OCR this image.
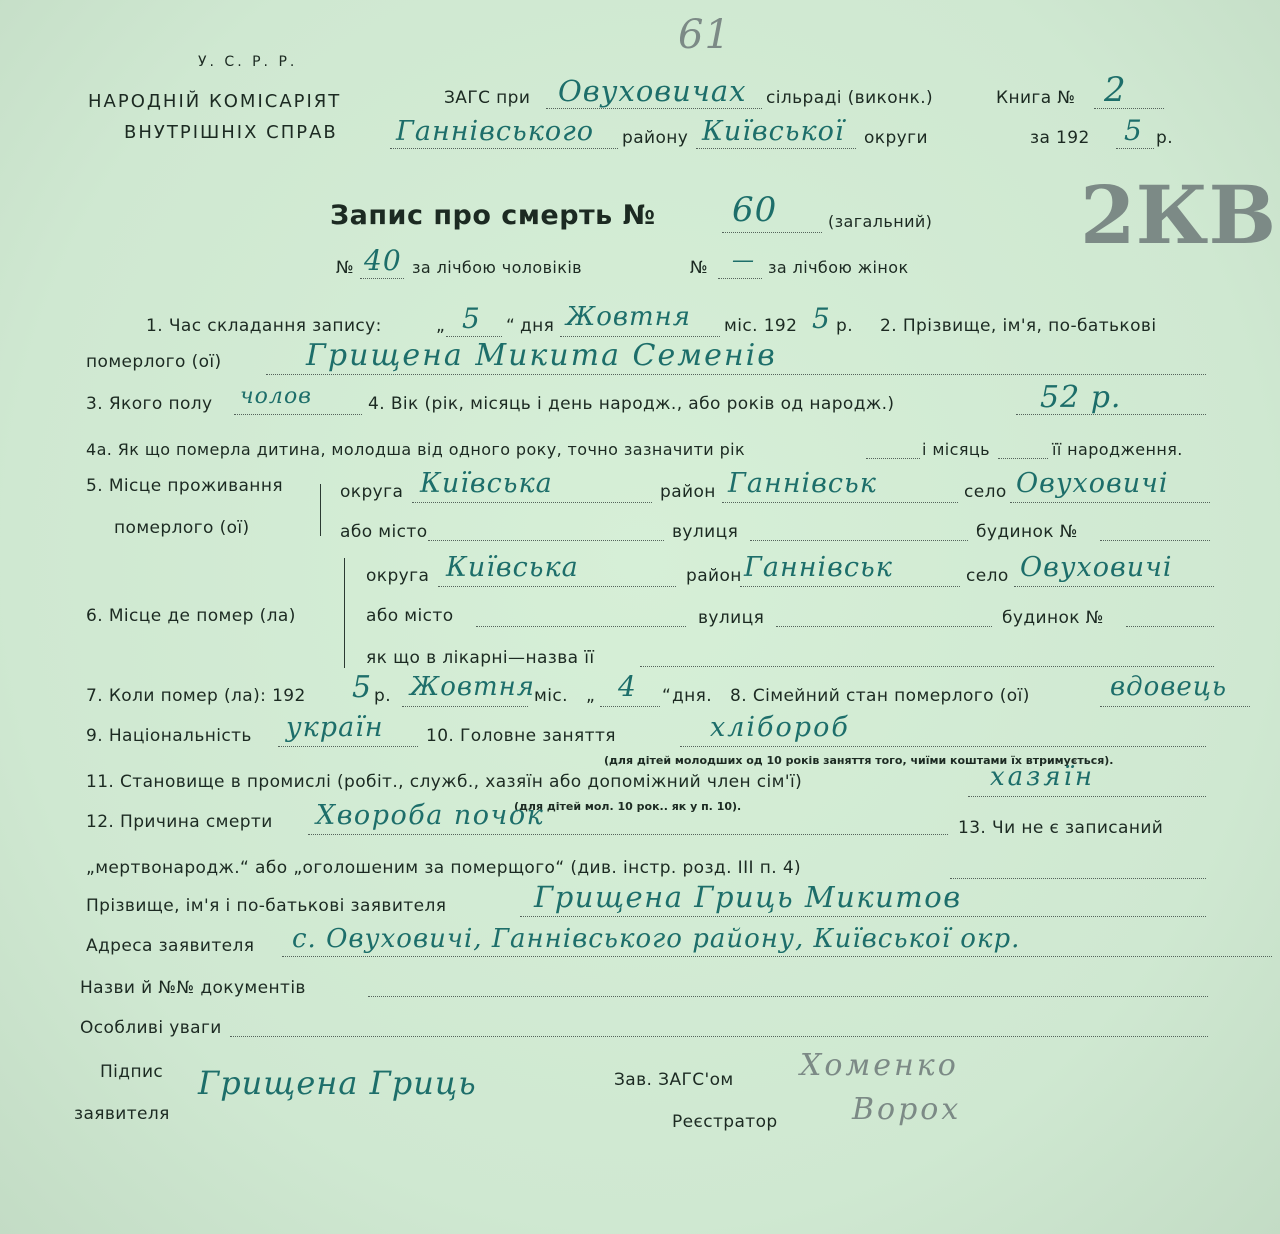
У. С. Р. Р.
НАРОДНІЙ КОМІСАРІЯТ
ВНУТРІШНІХ СПРАВ
61
ЗАГС при Овуховичах сільраді (виконк.)
Ганнівського району Київської округи
Книга № 2
за 192 5 р.
2КВ
Запис про смерть № 60	(загальний)
№ 40 за лічбою чоловіків	№ — за лічбою жінок
1. Час складання запису:	„ 5 “ дня Жовтня міс. 192 5 р. 2. Прізвище, ім'я, по-батькові
померлого (ої)	Грищена Микита Семенів
3. Якого полу чолов	4. Вік (рік, місяць і день народж., або років од народж.)	52 р.
4а. Як що померла дитина, молодша від одного року, точно зазначити рік	і місяць	її народження.
5. Місце проживання
померлого (ої)
округа Київська	район Ганнівськ	село Овуховичі
або місто	вулиця	будинок №
6. Місце де помер (ла)
округа Київська	район Ганнівськ	село Овуховичі
або місто	вулиця	будинок №
як що в лікарні—назва її
7. Коли помер (ла): 192 5 р. Жовтня міс. „ 4 “ дня. 8. Сімейний стан померлого (ої)	вдовець
9. Національність україн 10. Головне заняття	хлібороб
(для дітей молодших од 10 років заняття того, чиїми коштами їх втримується).
11. Становище в промислі (робіт., служб., хазяїн або допоміжний член сім'ї)	хазяїн
(для дітей мол. 10 рок.. як у п. 10).
12. Причина смерти Хвороба почок	13. Чи не є записаний
„мертвонародж.“ або „оголошеним за померщого“ (див. інстр. розд. III п. 4)
Прізвище, ім'я і по-батькові заявителя	Грищена Гриць Микитов
Адреса заявителя с. Овуховичі, Ганнівського району, Київської окр.
Назви й №№ документів
Особливі уваги
Підпис
заявителя
Грищена Гриць	Зав. ЗАГС'ом Хоменко
Реєстратор Ворох
